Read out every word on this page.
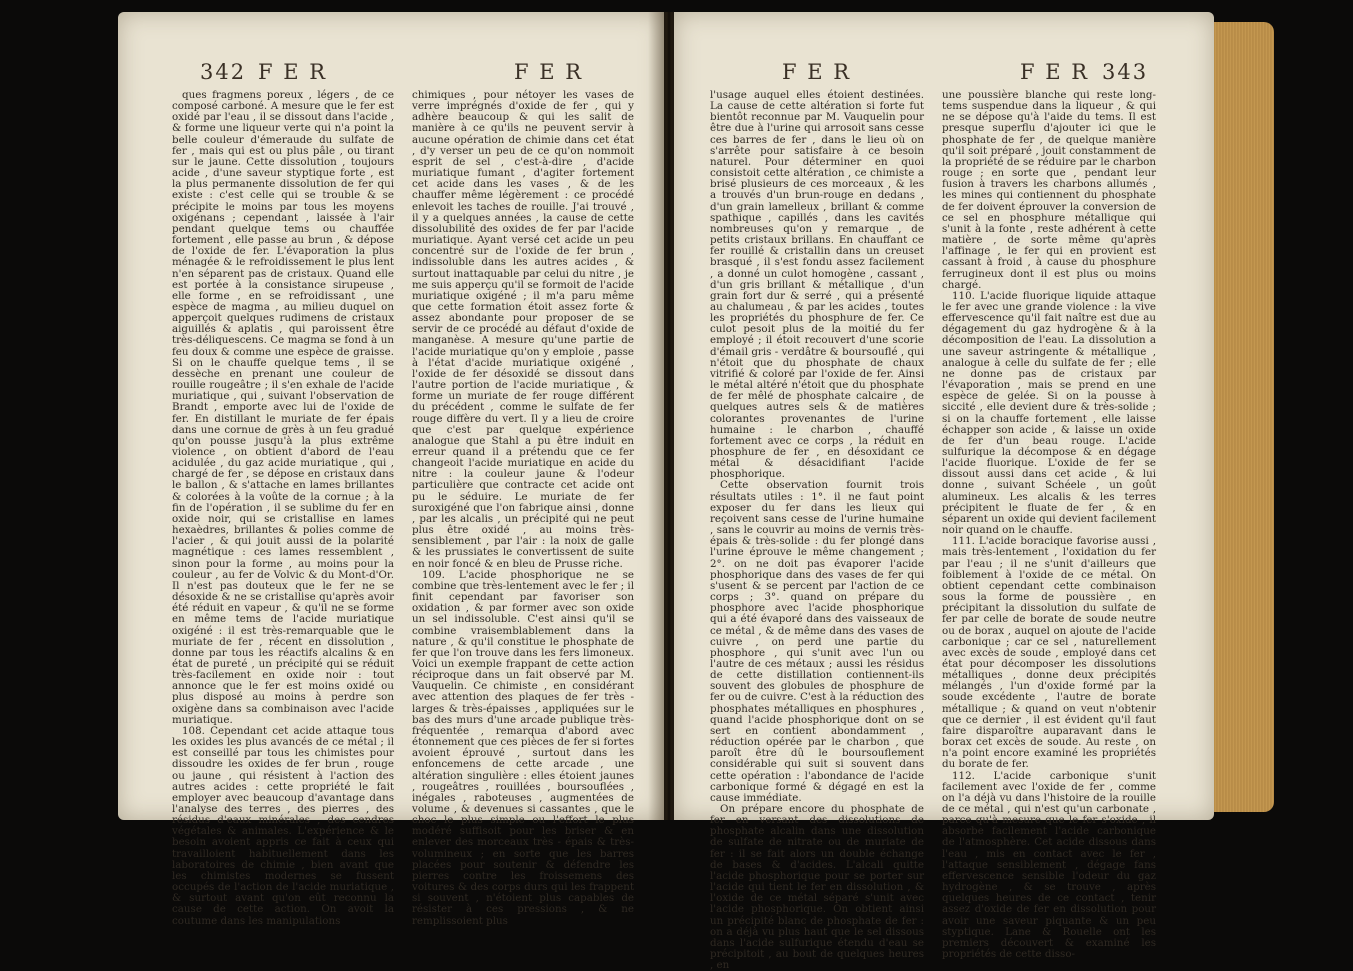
342 F E R	F E R

ques fragmens poreux , légers , de ce composé carboné. A mesure que le fer est oxidé par l'eau , il se dissout dans l'acide , & forme une liqueur verte qui n'a point la belle couleur d'émeraude du sulfate de fer , mais qui est ou plus pâle , ou tirant sur le jaune. Cette dissolution , toujours acide , d'une saveur styptique forte , est la plus permanente dissolution de fer qui existe : c'est celle qui se trouble & se précipite le moins par tous les moyens oxigénans ; cependant , laissée à l'air pendant quelque tems ou chauffée fortement , elle passe au brun , & dépose de l'oxide de fer. L'évaporation la plus ménagée & le refroidissement le plus lent n'en séparent pas de cristaux. Quand elle est portée à la consistance sirupeuse , elle forme , en se refroidissant , une espèce de magma , au milieu duquel on apperçoit quelques rudimens de cristaux aiguillés & aplatis , qui paroissent être très-déliquescens. Ce magma se fond à un feu doux & comme une espèce de graisse. Si on le chauffe quelque tems , il se dessèche en prenant une couleur de rouille rougeâtre ; il s'en exhale de l'acide muriatique , qui , suivant l'observation de Brandt , emporte avec lui de l'oxide de fer. En distillant le muriate de fer épais dans une cornue de grès à un feu gradué qu'on pousse jusqu'à la plus extrême violence , on obtient d'abord de l'eau acidulée , du gaz acide muriatique , qui , chargé de fer , se dépose en cristaux dans le ballon , & s'attache en lames brillantes & colorées à la voûte de la cornue ; à la fin de l'opération , il se sublime du fer en oxide noir, qui se cristallise en lames hexaèdres, brillantes & polies comme de l'acier , & qui jouit aussi de la polarité magnétique : ces lames ressemblent , sinon pour la forme , au moins pour la couleur , au fer de Volvic & du Mont-d'Or. Il n'est pas douteux que le fer ne se désoxide & ne se cristallise qu'après avoir été réduit en vapeur , & qu'il ne se forme en même tems de l'acide muriatique oxigéné : il est très-remarquable que le muriate de fer , récent en dissolution , donne par tous les réactifs alcalins & en état de pureté , un précipité qui se réduit très-facilement en oxide noir : tout annonce que le fer est moins oxidé ou plus disposé au moins à perdre son oxigène dans sa combinaison avec l'acide muriatique.

108. Cependant cet acide attaque tous les oxides les plus avancés de ce métal ; il est conseillé par tous les chimistes pour dissoudre les oxides de fer brun , rouge ou jaune , qui résistent à l'action des autres acides : cette propriété le fait employer avec beaucoup d'avantage dans l'analyse des terres , des pierres , des résidus d'eaux minérales , des cendres végétales & animales. L'expérience & le besoin avoient appris ce fait à ceux qui travailloient habituellement dans les laboratoires de chimie , bien avant que les chimistes modernes se fussent occupés de l'action de l'acide muriatique , & surtout avant qu'on eût reconnu la cause de cette action. On avoit la coutume dans les manipulations

chimiques , pour nétoyer les vases de verre imprégnés d'oxide de fer , qui y adhère beaucoup & qui les salit de manière à ce qu'ils ne peuvent servir à aucune opération de chimie dans cet état , d'y verser un peu de ce qu'on nommoit esprit de sel , c'est-à-dire , d'acide muriatique fumant , d'agiter fortement cet acide dans les vases , & de les chauffer même légèrement : ce procédé enlevoit les taches de rouille. J'ai trouvé , il y a quelques années , la cause de cette dissolubilité des oxides de fer par l'acide muriatique. Ayant versé cet acide un peu concentré sur de l'oxide de fer brun , indissoluble dans les autres acides , & surtout inattaquable par celui du nitre , je me suis apperçu qu'il se formoit de l'acide muriatique oxigéné ; il m'a paru même que cette formation étoit assez forte & assez abondante pour proposer de se servir de ce procédé au défaut d'oxide de manganèse. A mesure qu'une partie de l'acide muriatique qu'on y emploie , passe à l'état d'acide muriatique oxigéné , l'oxide de fer désoxidé se dissout dans l'autre portion de l'acide muriatique , & forme un muriate de fer rouge différent du précédent , comme le sulfate de fer rouge diffère du vert. Il y a lieu de croire que c'est par quelque expérience analogue que Stahl a pu être induit en erreur quand il a prétendu que ce fer changeoit l'acide muriatique en acide du nitre : la couleur jaune & l'odeur particulière que contracte cet acide ont pu le séduire. Le muriate de fer suroxigéné que l'on fabrique ainsi , donne , par les alcalis , un précipité qui ne peut plus être oxidé , au moins très-sensiblement , par l'air : la noix de galle & les prussiates le convertissent de suite en noir foncé & en bleu de Prusse riche.

109. L'acide phosphorique ne se combine que très-lentement avec le fer ; il finit cependant par favoriser son oxidation , & par former avec son oxide un sel indissoluble. C'est ainsi qu'il se combine vraisemblablement dans la nature , & qu'il constitue le phosphate de fer que l'on trouve dans les fers limoneux. Voici un exemple frappant de cette action réciproque dans un fait observé par M. Vauquelin. Ce chimiste , en considérant avec attention des plaques de fer très - larges & très-épaisses , appliquées sur le bas des murs d'une arcade publique très-fréquentée , remarqua d'abord avec étonnement que ces pièces de fer si fortes avoient éprouvé , surtout dans les enfoncemens de cette arcade , une altération singulière : elles étoient jaunes , rougeâtres , rouillées , boursouflées , inégales , raboteuses , augmentées de volume , & devenues si cassantes , que le choc le plus simple ou l'effort le plus modéré suffisoit pour les briser & en enlever des morceaux très - épais & très-volumineux ; en sorte que les barres placées pour soutenir & défendre les pierres contre les froissemens des voitures & des corps durs qui les frappent si souvent , n'étoient plus capables de résister à ces pressions , & ne remplissoient plus

F E R	F E R 343

l'usage auquel elles étoient destinées. La cause de cette altération si forte fut bientôt reconnue par M. Vauquelin pour être due à l'urine qui arrosoit sans cesse ces barres de fer , dans le lieu où on s'arrête pour satisfaire à ce besoin naturel. Pour déterminer en quoi consistoit cette altération , ce chimiste a brisé plusieurs de ces morceaux , & les a trouvés d'un brun-rouge en dedans , d'un grain lamelleux , brillant & comme spathique , capillés , dans les cavités nombreuses qu'on y remarque , de petits cristaux brillans. En chauffant ce fer rouillé & cristallin dans un creuset brasqué , il s'est fondu assez facilement , a donné un culot homogène , cassant , d'un gris brillant & métallique , d'un grain fort dur & serré , qui a présenté au chalumeau , & par les acides , toutes les propriétés du phosphure de fer. Ce culot pesoit plus de la moitié du fer employé ; il étoit recouvert d'une scorie d'émail gris - verdâtre & boursouflé , qui n'étoit que du phosphate de chaux vitrifié & coloré par l'oxide de fer. Ainsi le métal altéré n'étoit que du phosphate de fer mêlé de phosphate calcaire , de quelques autres sels & de matières colorantes provenantes de l'urine humaine : le charbon , chauffé fortement avec ce corps , la réduit en phosphure de fer , en désoxidant ce métal & désacidifiant l'acide phosphorique.

Cette observation fournit trois résultats utiles : 1°. il ne faut point exposer du fer dans les lieux qui reçoivent sans cesse de l'urine humaine , sans le couvrir au moins de vernis très-épais & très-solide : du fer plongé dans l'urine éprouve le même changement ; 2°. on ne doit pas évaporer l'acide phosphorique dans des vases de fer qui s'usent & se percent par l'action de ce corps ; 3°. quand on prépare du phosphore avec l'acide phosphorique qui a été évaporé dans des vaisseaux de ce métal , & de même dans des vases de cuivre , on perd une partie du phosphore , qui s'unit avec l'un ou l'autre de ces métaux ; aussi les résidus de cette distillation contiennent-ils souvent des globules de phosphure de fer ou de cuivre. C'est à la réduction des phosphates métalliques en phosphures , quand l'acide phosphorique dont on se sert en contient abondamment , réduction opérée par le charbon , que paroît être dû le boursouflement considérable qui suit si souvent dans cette opération : l'abondance de l'acide carbonique formé & dégagé en est la cause immédiate.

On prépare encore du phosphate de fer en versant des dissolutions de phosphate alcalin dans une dissolution de sulfate de nitrate ou de muriate de fer : il se fait alors un double échange de bases & d'acides. L'alcali quitte l'acide phosphorique pour se porter sur l'acide qui tient le fer en dissolution , & l'oxide de ce métal séparé s'unit avec l'acide phosphorique. On obtient ainsi un précipité blanc de phosphate de fer : on a déjà vu plus haut que le sel dissous dans l'acide sulfurique étendu d'eau se précipitoit , au bout de quelques heures , en

une poussière blanche qui reste long-tems suspendue dans la liqueur , & qui ne se dépose qu'à l'aide du tems. Il est presque superflu d'ajouter ici que le phosphate de fer , de quelque manière qu'il soit préparé , jouit constamment de la propriété de se réduire par le charbon rouge ; en sorte que , pendant leur fusion à travers les charbons allumés , les mines qui contiennent du phosphate de fer doivent éprouver la conversion de ce sel en phosphure métallique qui s'unit à la fonte , reste adhérent à cette matière , de sorte même qu'après l'affinage , le fer qui en provient est cassant à froid , à cause du phosphure ferrugineux dont il est plus ou moins chargé.

110. L'acide fluorique liquide attaque le fer avec une grande violence : la vive effervescence qu'il fait naître est due au dégagement du gaz hydrogène & à la décomposition de l'eau. La dissolution a une saveur astringente & métallique , analogue à celle du sulfate de fer ; elle ne donne pas de cristaux par l'évaporation , mais se prend en une espèce de gelée. Si on la pousse à siccité , elle devient dure & très-solide ; si on la chauffe fortement , elle laisse échapper son acide , & laisse un oxide de fer d'un beau rouge. L'acide sulfurique la décompose & en dégage l'acide fluorique. L'oxide de fer se dissout aussi dans cet acide , & lui donne , suivant Schéele , un goût alumineux. Les alcalis & les terres précipitent le fluate de fer , & en séparent un oxide qui devient facilement noir quand on le chauffe.

111. L'acide boracique favorise aussi , mais très-lentement , l'oxidation du fer par l'eau ; il ne s'unit d'ailleurs que foiblement à l'oxide de ce métal. On obtient cependant cette combinaison sous la forme de poussière , en précipitant la dissolution du sulfate de fer par celle de borate de soude neutre ou de borax , auquel on ajoute de l'acide carbonique ; car ce sel , naturellement avec excès de soude , employé dans cet état pour décomposer les dissolutions métalliques , donne deux précipités mélangés , l'un d'oxide formé par la soude excédente , l'autre de borate métallique ; & quand on veut n'obtenir que ce dernier , il est évident qu'il faut faire disparoître auparavant dans le borax cet excès de soude. Au reste , on n'a point encore examiné les propriétés du borate de fer.

112. L'acide carbonique s'unit facilement avec l'oxide de fer , comme on l'a déjà vu dans l'histoire de la rouille de ce métal , qui n'est qu'un carbonate , parce qu'à mesure que le fer s'oxide , il absorbe facilement l'acide carbonique de l'atmosphère. Cet acide dissous dans l'eau , mis en contact avec le fer , l'attaque sensiblement , dégage fans effervescence sensible l'odeur du gaz hydrogène , & se trouve , après quelques heures de ce contact , tenir assez d'oxide de fer en dissolution pour avoir une saveur piquante & un peu styptique. Lane & Rouelle ont les premiers découvert & examiné les propriétés de cette disso-
